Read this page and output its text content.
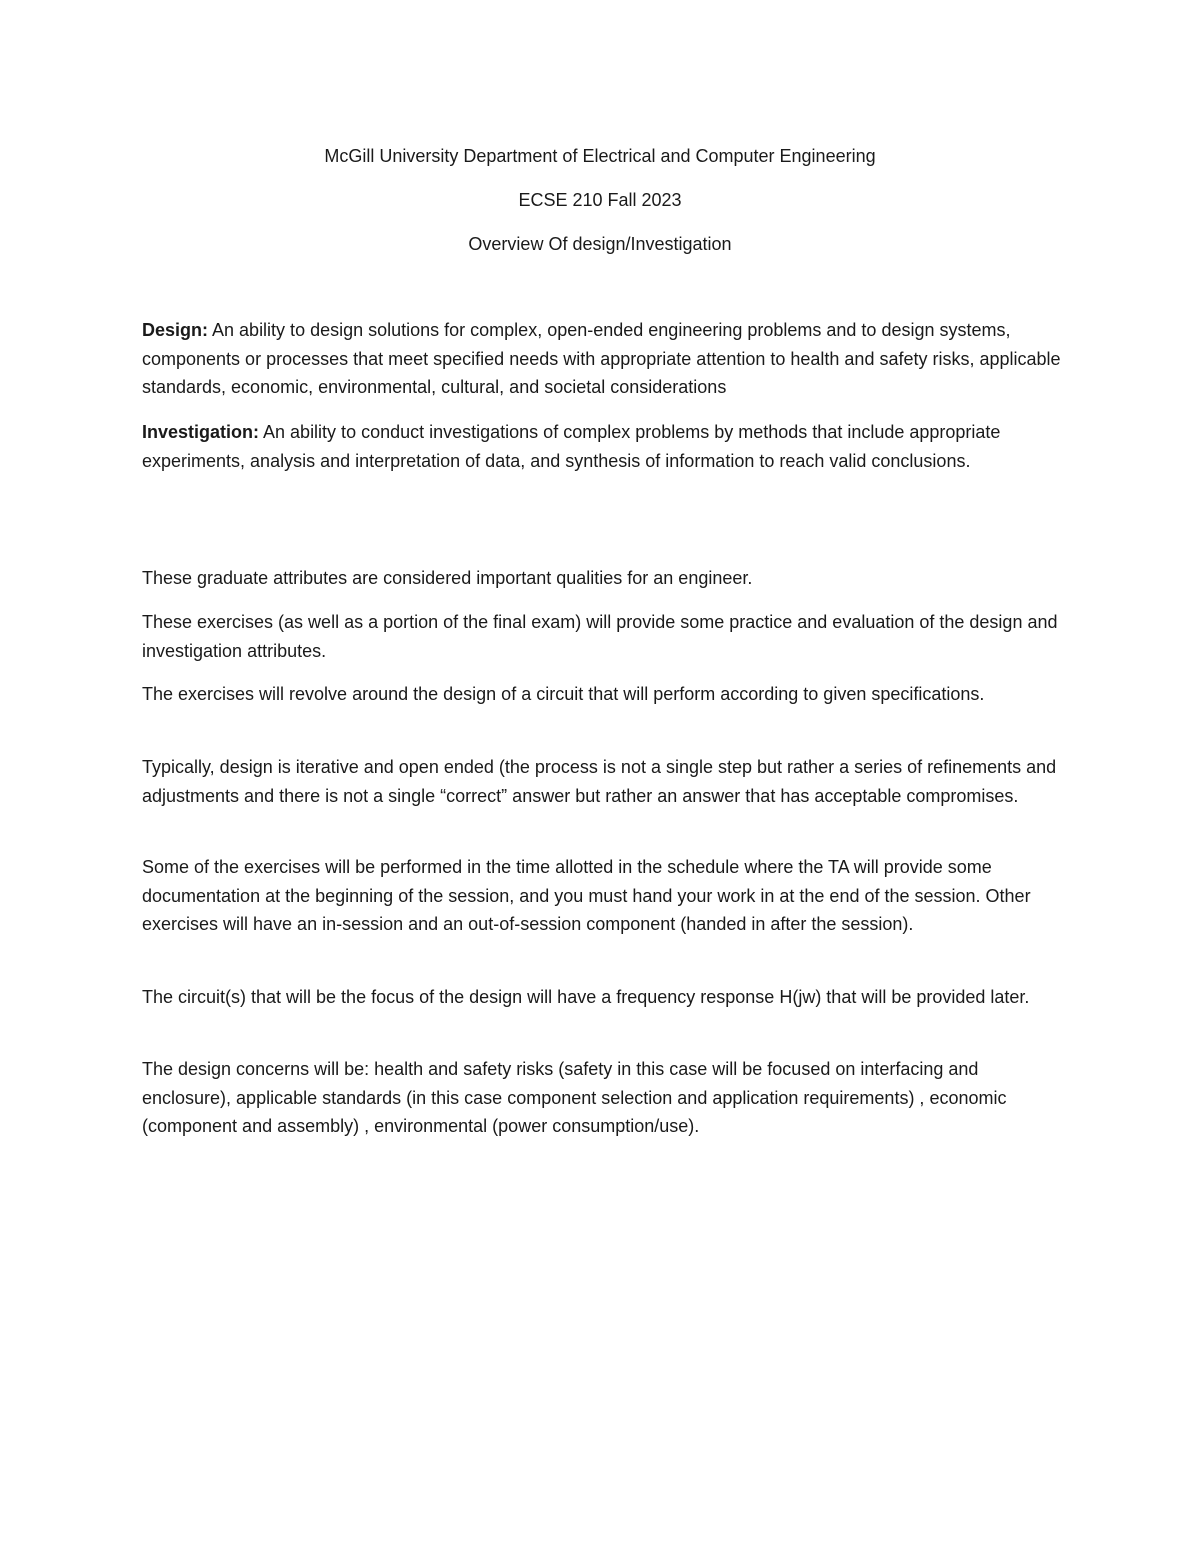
McGill University Department of Electrical and Computer Engineering
ECSE 210 Fall 2023
Overview Of design/Investigation

Design: An ability to design solutions for complex, open-ended engineering problems and to design systems, components or processes that meet specified needs with appropriate attention to health and safety risks, applicable standards, economic, environmental, cultural, and societal considerations

Investigation: An ability to conduct investigations of complex problems by methods that include appropriate experiments, analysis and interpretation of data, and synthesis of information to reach valid conclusions.

These graduate attributes are considered important qualities for an engineer.

These exercises (as well as a portion of the final exam) will provide some practice and evaluation of the design and investigation attributes.

The exercises will revolve around the design of a circuit that will perform according to given specifications.

Typically, design is iterative and open ended (the process is not a single step but rather a series of refinements and adjustments and there is not a single “correct” answer but rather an answer that has acceptable compromises.

Some of the exercises will be performed in the time allotted in the schedule where the TA will provide some documentation at the beginning of the session, and you must hand your work in at the end of the session. Other exercises will have an in-session and an out-of-session component (handed in after the session).

The circuit(s) that will be the focus of the design will have a frequency response H(jw) that will be provided later.

The design concerns will be: health and safety risks (safety in this case will be focused on interfacing and enclosure), applicable standards (in this case component selection and application requirements) , economic (component and assembly) , environmental (power consumption/use).
